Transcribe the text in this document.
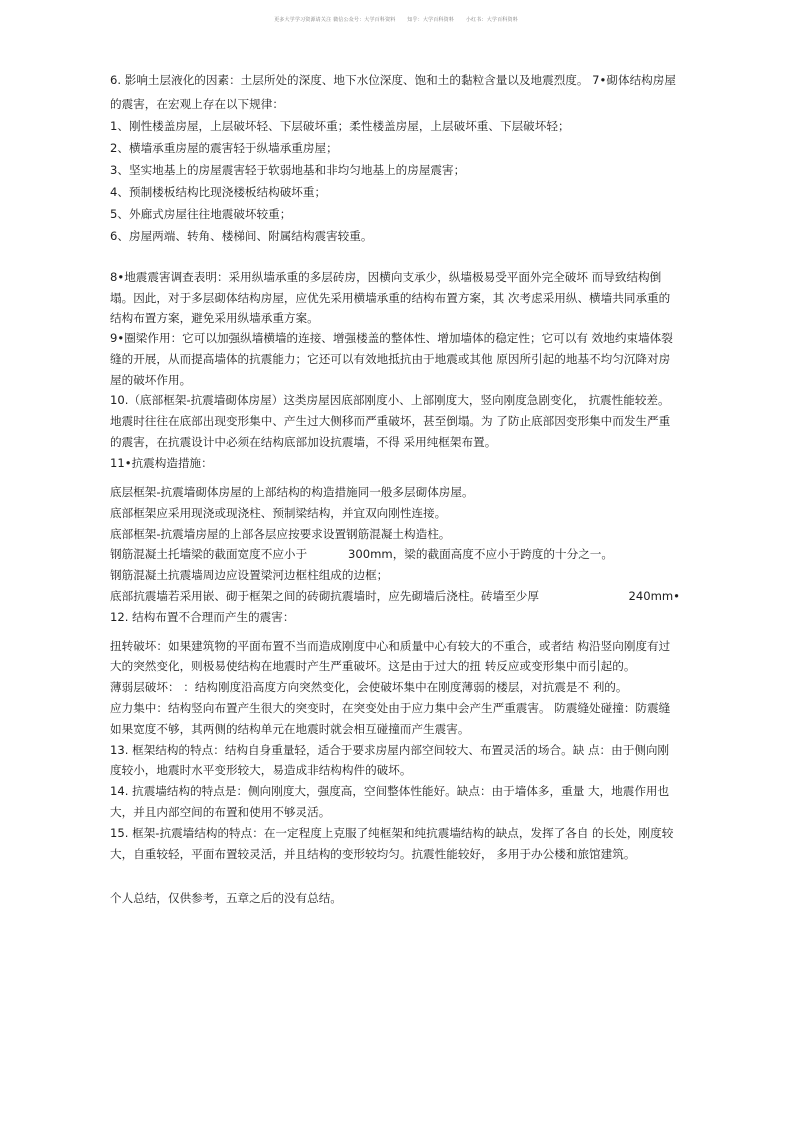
更多大学学习资源请关注 微信公众号：大学百科资料 知乎：大学百科资料 小红书：大学百科资料
6. 影响土层液化的因素：土层所处的深度、地下水位深度、饱和土的黏粒含量以及地震烈度。 7•砌体结构房屋
的震害，在宏观上存在以下规律：
1、刚性楼盖房屋，上层破坏轻、下层破坏重；柔性楼盖房屋，上层破坏重、下层破坏轻；
2、横墙承重房屋的震害轻于纵墙承重房屋；
3、坚实地基上的房屋震害轻于软弱地基和非均匀地基上的房屋震害；
4、预制楼板结构比现浇楼板结构破坏重；
5、外廊式房屋往往地震破坏较重；
6、房屋两端、转角、楼梯间、附属结构震害较重。
8•地震震害调查表明：采用纵墙承重的多层砖房，因横向支承少，纵墙极易受平面外完全破坏 而导致结构倒
塌。因此，对于多层砌体结构房屋，应优先采用横墙承重的结构布置方案，其 次考虑采用纵、横墙共同承重的
结构布置方案，避免采用纵墙承重方案。
9•圈梁作用：它可以加强纵墙横墙的连接、增强楼盖的整体性、增加墙体的稳定性；它可以有 效地约束墙体裂
缝的开展，从而提高墙体的抗震能力；它还可以有效地抵抗由于地震或其他 原因所引起的地基不均匀沉降对房
屋的破坏作用。
10.（底部框架-抗震墙砌体房屋）这类房屋因底部刚度小、上部刚度大，竖向刚度急剧变化， 抗震性能较差。
地震时往往在底部出现变形集中、产生过大侧移而严重破坏，甚至倒塌。为 了防止底部因变形集中而发生严重
的震害，在抗震设计中必须在结构底部加设抗震墙，不得 采用纯框架布置。
11•抗震构造措施：
底层框架-抗震墙砌体房屋的上部结构的构造措施同一般多层砌体房屋。
底部框架应采用现浇或现浇柱、预制梁结构，并宜双向刚性连接。
底部框架-抗震墙房屋的上部各层应按要求设置钢筋混凝土构造柱。
钢筋混凝土托墙梁的截面宽度不应小于	300mm，梁的截面高度不应小于跨度的十分之一。
钢筋混凝土抗震墙周边应设置梁河边框柱组成的边框；
底部抗震墙若采用嵌、砌于框架之间的砖砌抗震墙时，应先砌墙后浇柱。砖墙至少厚	240mm•
12. 结构布置不合理而产生的震害：
扭转破坏：如果建筑物的平面布置不当而造成刚度中心和质量中心有较大的不重合，或者结 构沿竖向刚度有过
大的突然变化，则极易使结构在地震时产生严重破坏。这是由于过大的扭 转反应或变形集中而引起的。
薄弱层破坏： ：结构刚度沿高度方向突然变化，会使破坏集中在刚度薄弱的楼层，对抗震是不 利的。
应力集中：结构竖向布置产生很大的突变时，在突变处由于应力集中会产生严重震害。 防震缝处碰撞：防震缝
如果宽度不够，其两侧的结构单元在地震时就会相互碰撞而产生震害。
13. 框架结构的特点：结构自身重量轻，适合于要求房屋内部空间较大、布置灵活的场合。缺 点：由于侧向刚
度较小，地震时水平变形较大，易造成非结构构件的破坏。
14. 抗震墙结构的特点是：侧向刚度大，强度高，空间整体性能好。缺点：由于墙体多，重量 大，地震作用也
大，并且内部空间的布置和使用不够灵活。
15. 框架-抗震墙结构的特点：在一定程度上克服了纯框架和纯抗震墙结构的缺点，发挥了各自 的长处，刚度较
大，自重较轻，平面布置较灵活，并且结构的变形较均匀。抗震性能较好， 多用于办公楼和旅馆建筑。
个人总结，仅供参考，五章之后的没有总结。
